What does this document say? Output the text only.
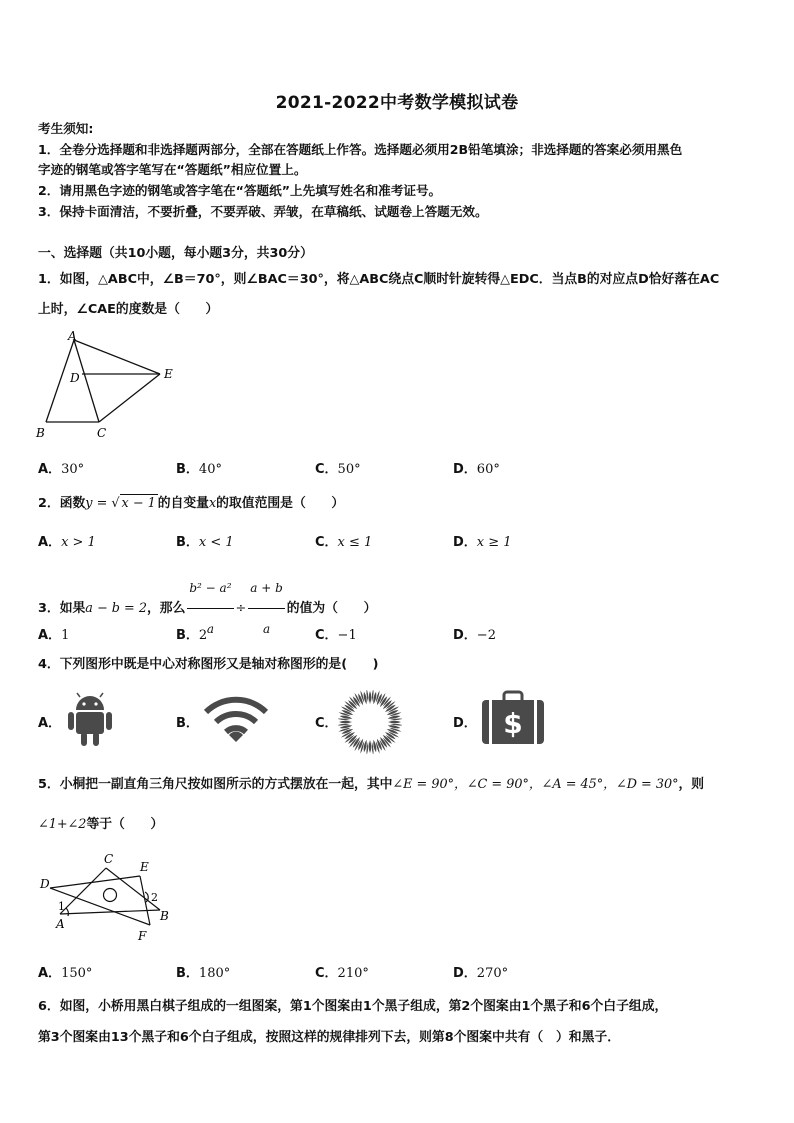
2021-2022中考数学模拟试卷
考生须知:
1．全卷分选择题和非选择题两部分，全部在答题纸上作答。选择题必须用2B铅笔填涂；非选择题的答案必须用黑色
字迹的钢笔或答字笔写在“答题纸”相应位置上。
2．请用黑色字迹的钢笔或答字笔在“答题纸”上先填写姓名和准考证号。
3．保持卡面清洁，不要折叠，不要弄破、弄皱，在草稿纸、试题卷上答题无效。
一、选择题（共10小题，每小题3分，共30分）
1．如图，△ABC中，∠B＝70°，则∠BAC＝30°，将△ABC绕点C顺时针旋转得△EDC．当点B的对应点D恰好落在AC
上时，∠CAE的度数是（　　）
A
B	C
D	E
A．30°	B．40°	C．50°	D．60°
2．函数y = √ x − 1 的自变量x的取值范围是（　　）
A．x > 1	B．x < 1	C．x ≤ 1	D．x ≥ 1
3．如果a − b = 2，那么 $\frac{\text{b² − a²}}{a} \div \frac{a + b}{a}$ 的值为（　　）
A．1	B．2	C．−1	D．−2
4．下列图形中既是中心对称图形又是轴对称图形的是(　　)
A．	B．	C．	D． $
5．小桐把一副直角三角尺按如图所示的方式摆放在一起，其中∠E = 90°，∠C = 90°，∠A = 45°，∠D = 30°，则
∠1+∠2等于（　　）
C
E
D
A
B
F
1
2
A．150°	B．180°	C．210°	D．270°
6．如图，小桥用黑白棋子组成的一组图案，第1个图案由1个黑子组成，第2个图案由1个黑子和6个白子组成，
第3个图案由13个黑子和6个白子组成，按照这样的规律排列下去，则第8个图案中共有（　）和黑子．
